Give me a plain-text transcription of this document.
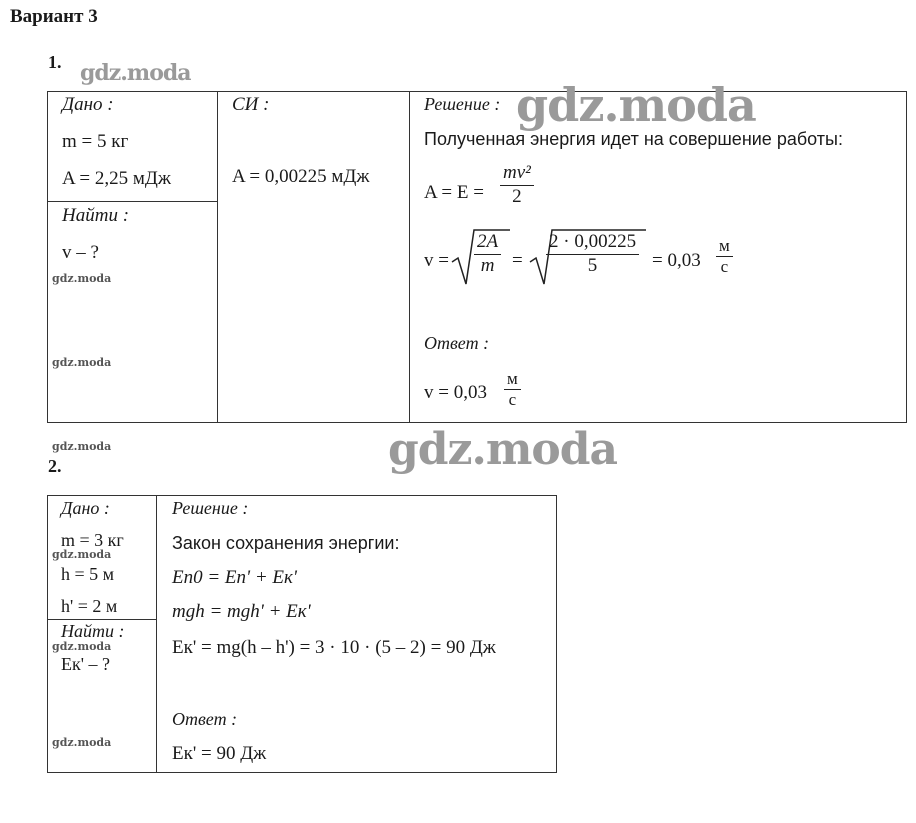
Вариант 3
1. gdz.moda
Дано :
m = 5 кг
A = 2,25 мДж
Найти :
v – ?
gdz.moda
gdz.moda
СИ :
A = 0,00225 мДж
Решение : gdz.moda
Полученная энергия идет на совершение работы:
$A = E = \frac{\text{mv²}}{2}$
$v = \frac{2A}{m} = \frac{2 \cdot 0,00225}{5} = 0,03 \frac{м}{с}$
Ответ :
$v = 0,03 \frac{м}{с}$
gdz.moda	gdz.moda
2.
Дано :
m = 3 кг
gdz.moda
h = 5 м
h' = 2 м
Найти :
gdz.moda
Eк' – ?
gdz.moda
Решение :
Закон сохранения энергии:
Eп0 = Eп' + Eк'
mgh = mgh' + Eк'
Eк' = mg(h – h') = 3 · 10 · (5 – 2) = 90 Дж
Ответ :
Eк' = 90 Дж
